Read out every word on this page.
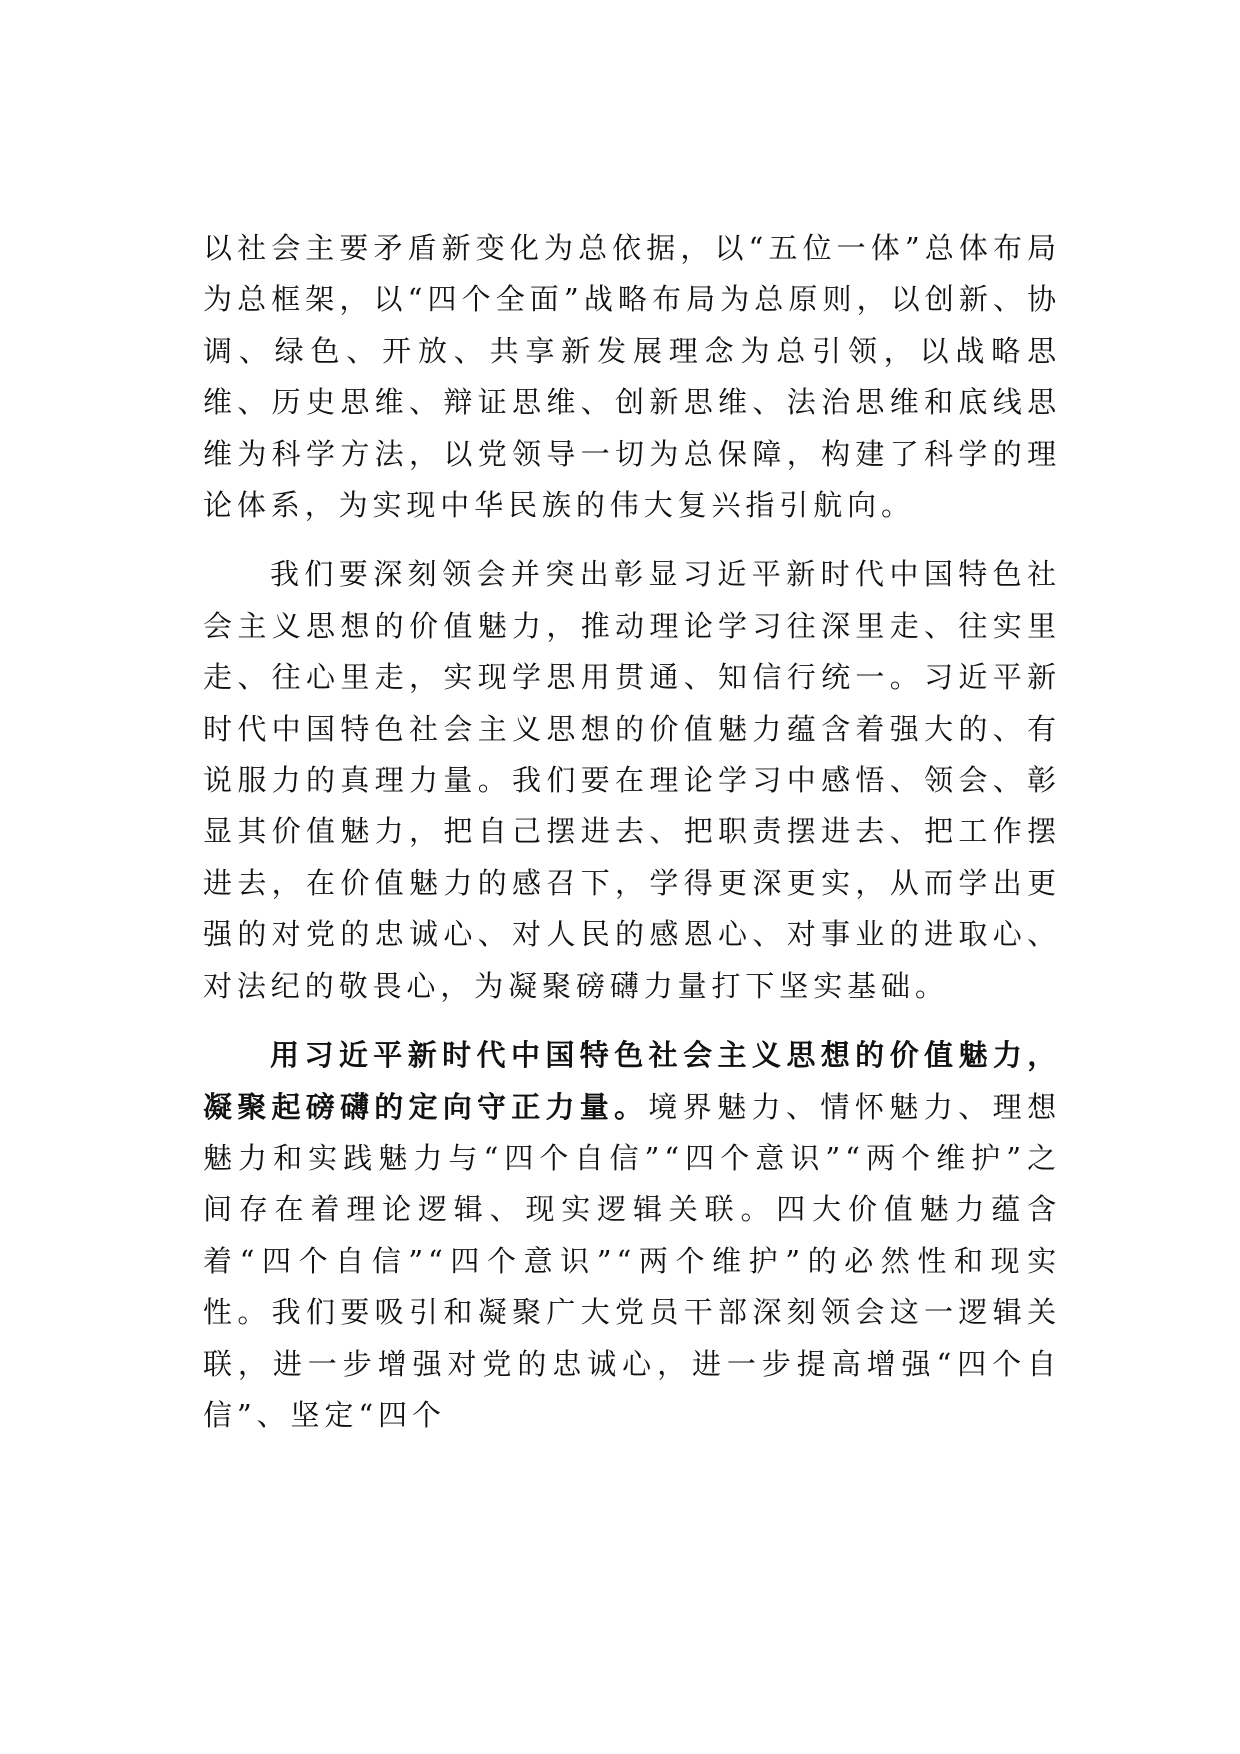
以社会主要矛盾新变化为总依据，以“五位一体”总体布局为总框架，以“四个全面”战略布局为总原则，以创新、协调、绿色、开放、共享新发展理念为总引领，以战略思维、历史思维、辩证思维、创新思维、法治思维和底线思维为科学方法，以党领导一切为总保障，构建了科学的理论体系，为实现中华民族的伟大复兴指引航向。

我们要深刻领会并突出彰显习近平新时代中国特色社会主义思想的价值魅力，推动理论学习往深里走、往实里走、往心里走，实现学思用贯通、知信行统一。习近平新时代中国特色社会主义思想的价值魅力蕴含着强大的、有说服力的真理力量。我们要在理论学习中感悟、领会、彰显其价值魅力，把自己摆进去、把职责摆进去、把工作摆进去，在价值魅力的感召下，学得更深更实，从而学出更强的对党的忠诚心、对人民的感恩心、对事业的进取心、对法纪的敬畏心，为凝聚磅礴力量打下坚实基础。

用习近平新时代中国特色社会主义思想的价值魅力，凝聚起磅礴的定向守正力量。境界魅力、情怀魅力、理想魅力和实践魅力与“四个自信”“四个意识”“两个维护”之间存在着理论逻辑、现实逻辑关联。四大价值魅力蕴含着“四个自信”“四个意识”“两个维护”的必然性和现实性。我们要吸引和凝聚广大党员干部深刻领会这一逻辑关联，进一步增强对党的忠诚心，进一步提高增强“四个自信”、坚定“四个
